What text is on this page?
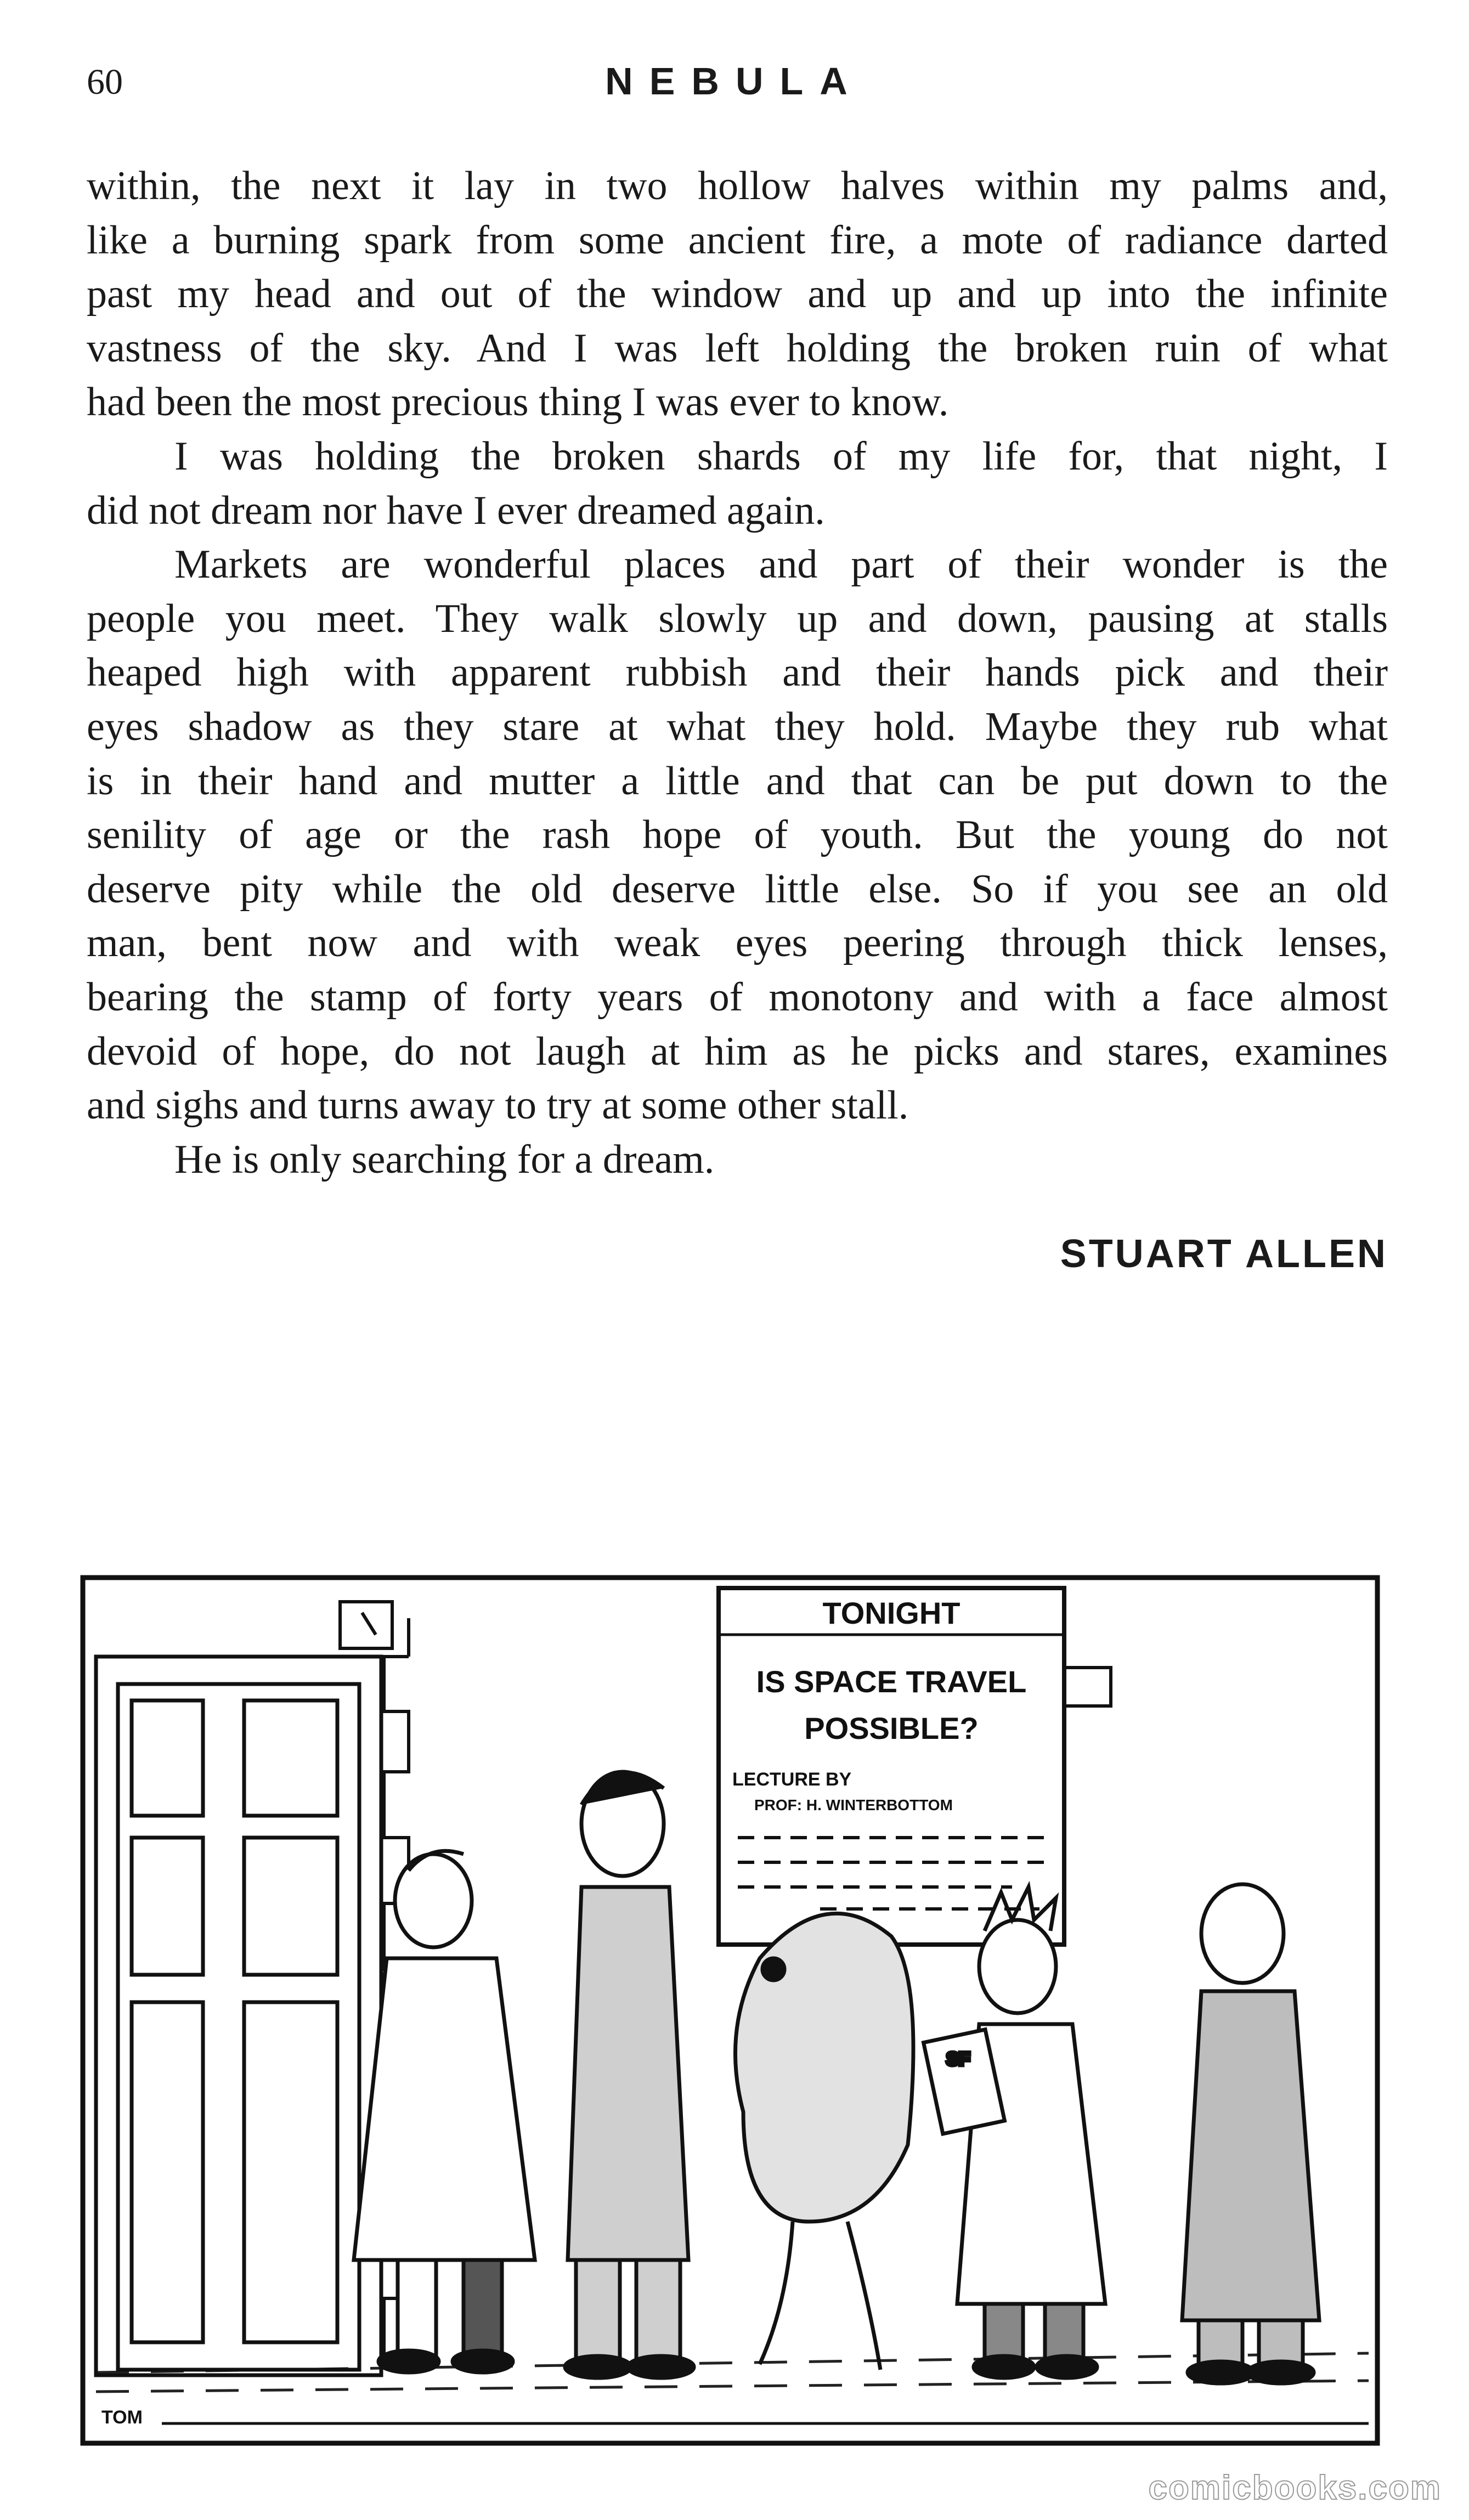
60	NEBULA
within, the next it lay in two hollow halves within my palms and,
like a burning spark from some ancient fire, a mote of radiance darted
past my head and out of the window and up and up into the infinite
vastness of the sky. And I was left holding the broken ruin of what
had been the most precious thing I was ever to know.
I was holding the broken shards of my life for, that night, I
did not dream nor have I ever dreamed again.
Markets are wonderful places and part of their wonder is the
people you meet. They walk slowly up and down, pausing at stalls
heaped high with apparent rubbish and their hands pick and their
eyes shadow as they stare at what they hold. Maybe they rub what
is in their hand and mutter a little and that can be put down to the
senility of age or the rash hope of youth. But the young do not
deserve pity while the old deserve little else. So if you see an old
man, bent now and with weak eyes peering through thick lenses,
bearing the stamp of forty years of monotony and with a face almost
devoid of hope, do not laugh at him as he picks and stares, examines
and sighs and turns away to try at some other stall.
He is only searching for a dream.
STUART ALLEN
TONIGHT
IS SPACE TRAVEL
POSSIBLE?
LECTURE BY
PROF: H. WINTERBOTTOM
SF
TOM
comicbooks.com
